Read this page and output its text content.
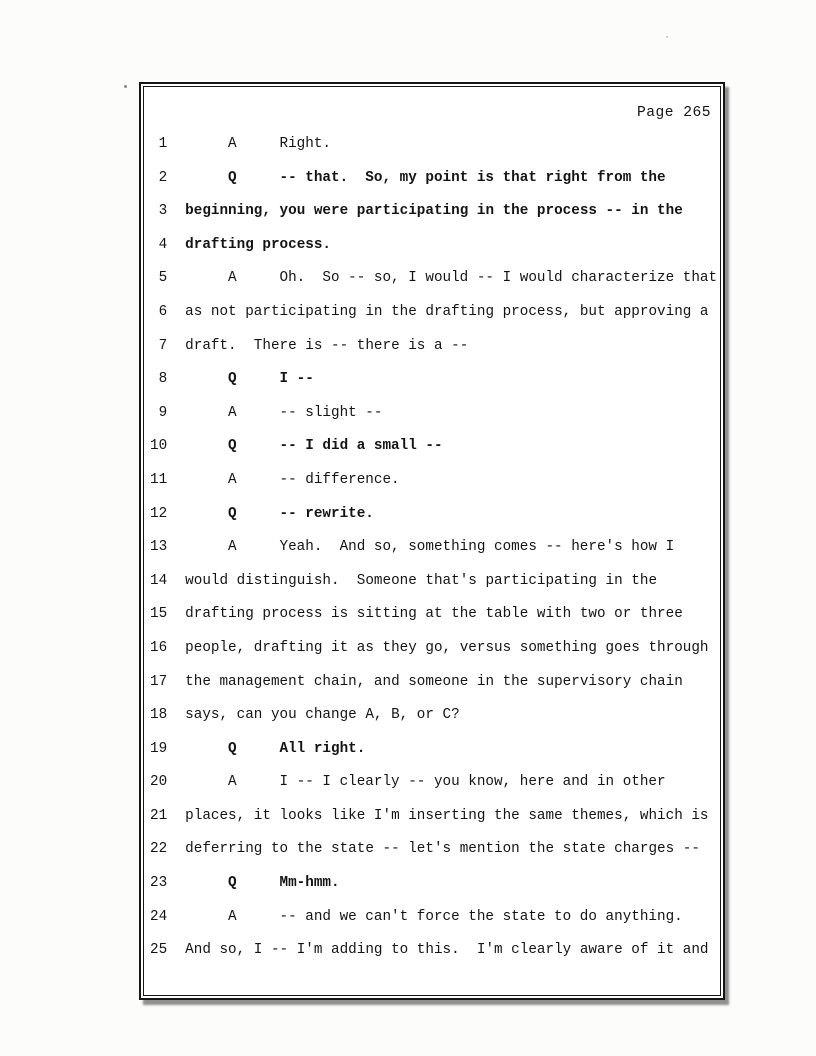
Page 265
1	A	Right.
2	Q	-- that.  So, my point is that right from the
3 beginning, you were participating in the process -- in the
4 drafting process.
5	A	Oh.  So -- so, I would -- I would characterize that
6 as not participating in the drafting process, but approving a
7 draft.  There is -- there is a --
8	Q	I --
9	A	-- slight --
10	Q	-- I did a small --
11	A	-- difference.
12	Q	-- rewrite.
13	A	Yeah.  And so, something comes -- here's how I
14 would distinguish.  Someone that's participating in the
15 drafting process is sitting at the table with two or three
16 people, drafting it as they go, versus something goes through
17 the management chain, and someone in the supervisory chain
18 says, can you change A, B, or C?
19	Q	All right.
20	A	I -- I clearly -- you know, here and in other
21 places, it looks like I'm inserting the same themes, which is
22 deferring to the state -- let's mention the state charges --
23	Q	Mm-hmm.
24	A	-- and we can't force the state to do anything.
25 And so, I -- I'm adding to this.  I'm clearly aware of it and
